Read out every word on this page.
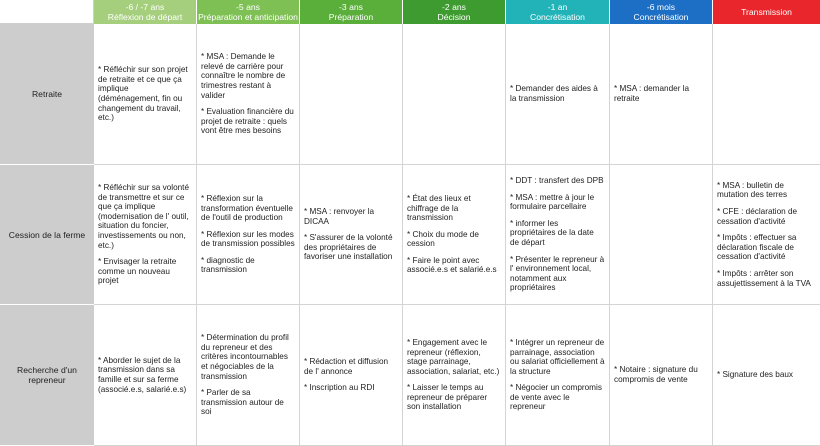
-6 / -7 ans
Réflexion de départ
-5 ans
Préparation et anticipation
-3 ans
Préparation
-2 ans
Décision
-1 an
Concrétisation
-6 mois
Concrétisation	Transmission
Retraite

* Réfléchir sur son projet de retraite et ce que ça implique (déménagement, fin ou changement du travail, etc.)

* MSA : Demande le relevé de carrière pour connaître le nombre de trimestres restant à valider

* Evaluation financière du projet de retraite : quels vont être mes besoins

* Demander des aides à la transmission

* MSA : demander la retraite

Cession de la ferme

* Réfléchir sur sa volonté de transmettre et sur ce que ça implique (modernisation de l' outil, situation du foncier, investissements ou non, etc.)

* Envisager la retraite comme un nouveau projet

* Réflexion sur la transformation éventuelle de l'outil de production

* Réflexion sur les modes de transmission possibles

* diagnostic de transmission

* MSA : renvoyer la DICAA

* S'assurer de la volonté des propriétaires de favoriser une installation

* État des lieux et chiffrage de la transmission

* Choix du mode de cession

* Faire le point avec associé.e.s et salarié.e.s

* DDT : transfert des DPB

* MSA : mettre à jour le formulaire parcellaire

* informer les propriétaires de la date de départ

* Présenter le repreneur à l' environnement local, notamment aux propriétaires

* MSA : bulletin de mutation des terres

* CFE : déclaration de cessation d'activité

* Impôts : effectuer sa déclaration fiscale de cessation d'activité

* Impôts : arrêter son assujettissement à la TVA

Recherche d'un repreneur

* Aborder le sujet de la transmission dans sa famille et sur sa ferme (associé.e.s, salarié.e.s)

* Détermination du profil du repreneur et des critères incontournables et négociables de la transmission

* Parler de sa transmission autour de soi

* Rédaction et diffusion de l' annonce

* Inscription au RDI

* Engagement avec le repreneur (réflexion, stage parrainage, association, salariat, etc.)

* Laisser le temps au repreneur de préparer son installation

* Intégrer un repreneur de parrainage, association ou salariat officiellement à la structure

* Négocier un compromis de vente avec le repreneur

* Notaire : signature du compromis de vente

* Signature des baux
